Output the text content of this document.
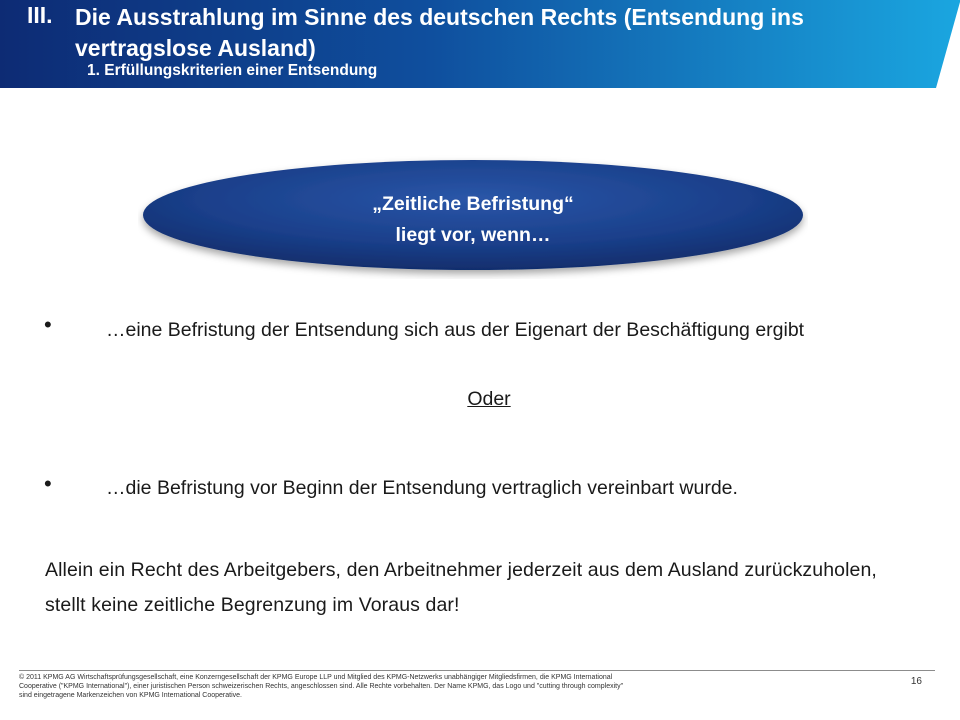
III. Die Ausstrahlung im Sinne des deutschen Rechts (Entsendung ins vertragslose Ausland)
1. Erfüllungskriterien einer Entsendung
„Zeitliche Befristung“
liegt vor, wenn…
•	…eine Befristung der Entsendung sich aus der Eigenart der Beschäftigung ergibt
Oder
•	…die Befristung vor Beginn der Entsendung vertraglich vereinbart wurde.
Allein ein Recht des Arbeitgebers, den Arbeitnehmer jederzeit aus dem Ausland zurückzuholen, stellt keine zeitliche Begrenzung im Voraus dar!
© 2011 KPMG AG Wirtschaftsprüfungsgesellschaft, eine Konzerngesellschaft der KPMG Europe LLP und Mitglied des KPMG-Netzwerks unabhängiger Mitgliedsfirmen, die KPMG International Cooperative ("KPMG International"), einer juristischen Person schweizerischen Rechts, angeschlossen sind. Alle Rechte vorbehalten. Der Name KPMG, das Logo und "cutting through complexity" sind eingetragene Markenzeichen von KPMG International Cooperative.
16
